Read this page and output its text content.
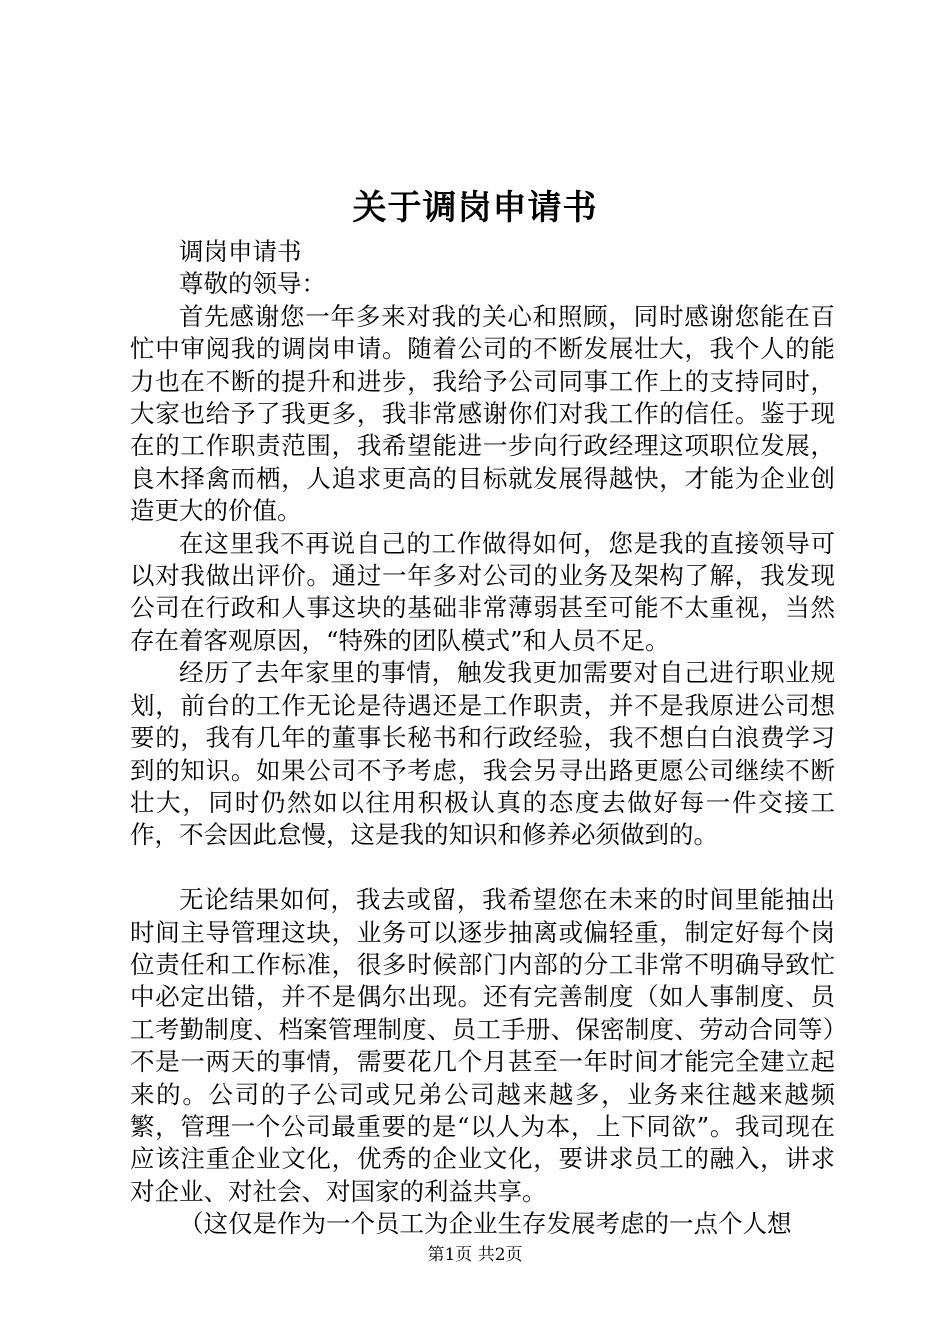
关于调岗申请书

调岗申请书

尊敬的领导：

首先感谢您一年多来对我的关心和照顾，同时感谢您能在百忙中审阅我的调岗申请。随着公司的不断发展壮大，我个人的能力也在不断的提升和进步，我给予公司同事工作上的支持同时，大家也给予了我更多，我非常感谢你们对我工作的信任。鉴于现在的工作职责范围，我希望能进一步向行政经理这项职位发展，良木择禽而栖，人追求更高的目标就发展得越快，才能为企业创造更大的价值。

在这里我不再说自己的工作做得如何，您是我的直接领导可以对我做出评价。通过一年多对公司的业务及架构了解，我发现公司在行政和人事这块的基础非常薄弱甚至可能不太重视，当然存在着客观原因，“特殊的团队模式”和人员不足。

经历了去年家里的事情，触发我更加需要对自己进行职业规划，前台的工作无论是待遇还是工作职责，并不是我原进公司想要的，我有几年的董事长秘书和行政经验，我不想白白浪费学习到的知识。如果公司不予考虑，我会另寻出路更愿公司继续不断壮大，同时仍然如以往用积极认真的态度去做好每一件交接工作，不会因此怠慢，这是我的知识和修养必须做到的。

无论结果如何，我去或留，我希望您在未来的时间里能抽出时间主导管理这块，业务可以逐步抽离或偏轻重，制定好每个岗位责任和工作标准，很多时候部门内部的分工非常不明确导致忙中必定出错，并不是偶尔出现。还有完善制度（如人事制度、员工考勤制度、档案管理制度、员工手册、保密制度、劳动合同等）不是一两天的事情，需要花几个月甚至一年时间才能完全建立起来的。公司的子公司或兄弟公司越来越多，业务来往越来越频繁，管理一个公司最重要的是“以人为本，上下同欲”。我司现在应该注重企业文化，优秀的企业文化，要讲求员工的融入，讲求对企业、对社会、对国家的利益共享。

（这仅是作为一个员工为企业生存发展考虑的一点个人想

第1页 共2页
